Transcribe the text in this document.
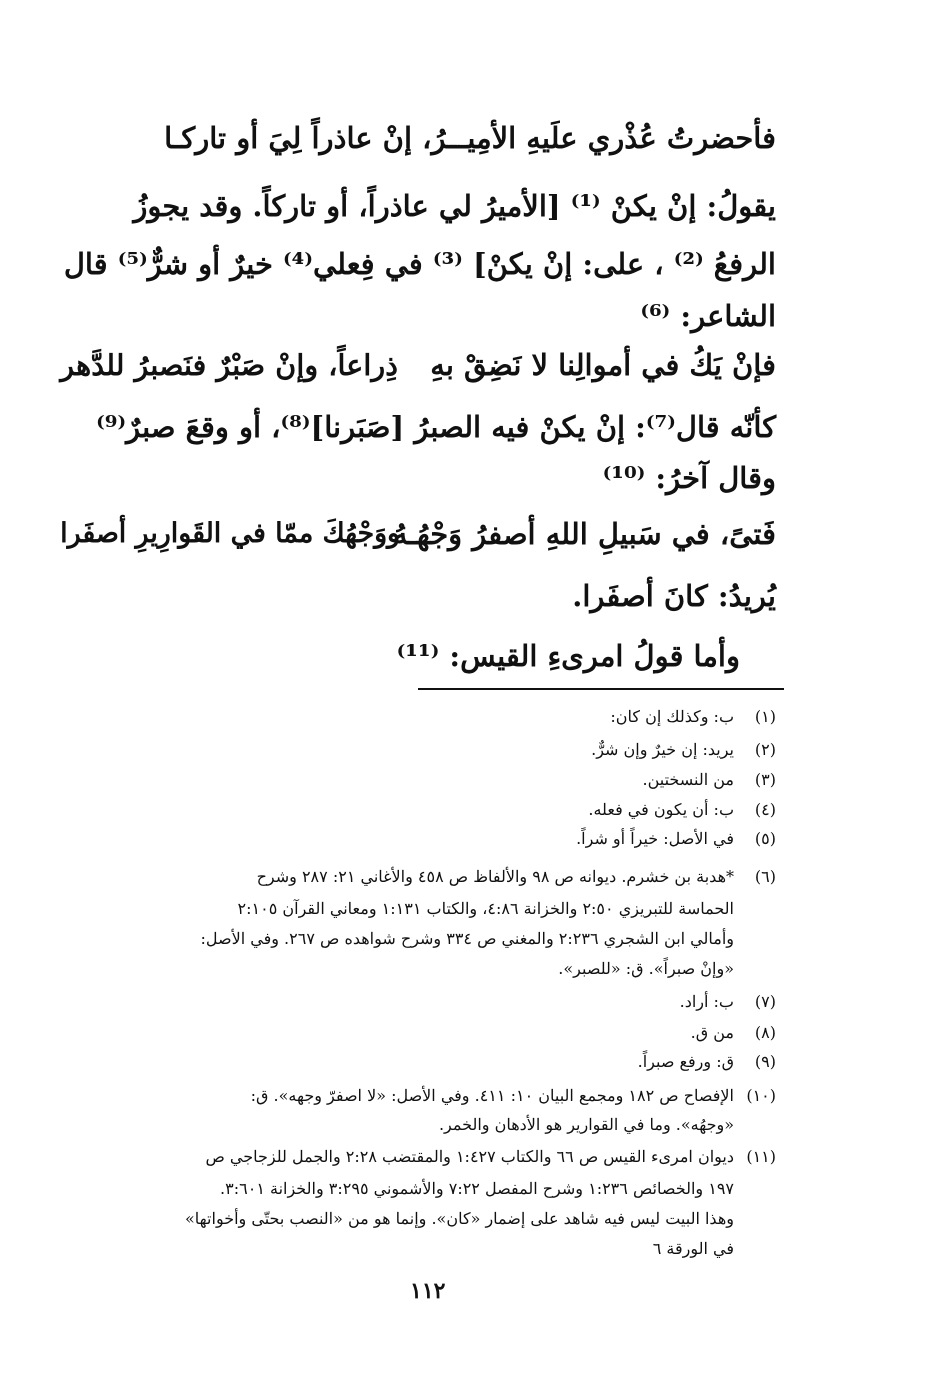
فأحضرتُ عُذْري علَيهِ الأمِيــ
ـرُ، إنْ عاذراً لِيَ أو تاركـا
يقولُ: إنْ يكنْ ⁽¹⁾ [الأميرُ لي عاذراً، أو تاركاً. وقد يجوزُ
الرفعُ ⁽²⁾ ، على: إنْ يكنْ] ⁽³⁾ في فِعلي⁽⁴⁾ خيرٌ أو شرٌّ⁽⁵⁾ قال
الشاعر: ⁽⁶⁾
فإنْ يَكُ في أموالِنا لا نَضِقْ بهِ
ذِراعاً، وإنْ صَبْرٌ فنَصبرُ للدَّهر
كأنّه قال⁽⁷⁾: إنْ يكنْ فيه الصبرُ [صَبَرنا]⁽⁸⁾، أو وقعَ صبرٌ⁽⁹⁾
وقال آخرُ: ⁽¹⁰⁾
فَتىً، في سَبيلِ اللهِ أصفرُ وَجْهُـهُ
ووَجْهُكَ ممّا في القَوارِيرِ أصفَرا
يُريدُ: كانَ أصفَرا.
وأما قولُ امرىءِ القيس: ⁽¹¹⁾
(١)ب: وكذلك إن كان:
(٢)يريد: إن خيرٌ وإن شرٌّ.
(٣)من النسختين.
(٤)ب: أن يكون في فعله.
(٥)في الأصل: خيراً أو شراً.
(٦)*هدبة بن خشرم. ديوانه ص ٩٨ والألفاظ ص ٤٥٨ والأغاني ٢١: ٢٨٧ وشرح
الحماسة للتبريزي ٢:٥٠ والخزانة ٤:٨٦، والكتاب ١:١٣١ ومعاني القرآن ٢:١٠٥
وأمالي ابن الشجري ٢:٢٣٦ والمغني ص ٣٣٤ وشرح شواهده ص ٢٦٧. وفي الأصل:
«وإنْ صبراً». ق: «للصبر».
(٧)ب: أراد.
(٨)من ق.
(٩)ق: ورفع صبراً.
(١٠)الإفصاح ص ١٨٢ ومجمع البيان ١٠: ٤١١. وفي الأصل: «لا اصفرّ وجهه». ق:
«وجهُه». وما في القوارير هو الأدهان والخمر.
(١١)ديوان امرىء القيس ص ٦٦ والكتاب ١:٤٢٧ والمقتضب ٢:٢٨ والجمل للزجاجي ص
١٩٧ والخصائص ١:٢٣٦ وشرح المفصل ٧:٢٢ والأشموني ٣:٢٩٥ والخزانة ٣:٦٠١.
وهذا البيت ليس فيه شاهد على إضمار «كان». وإنما هو من «النصب بحتّى وأخواتها»
في الورقة ٦
١١٢
